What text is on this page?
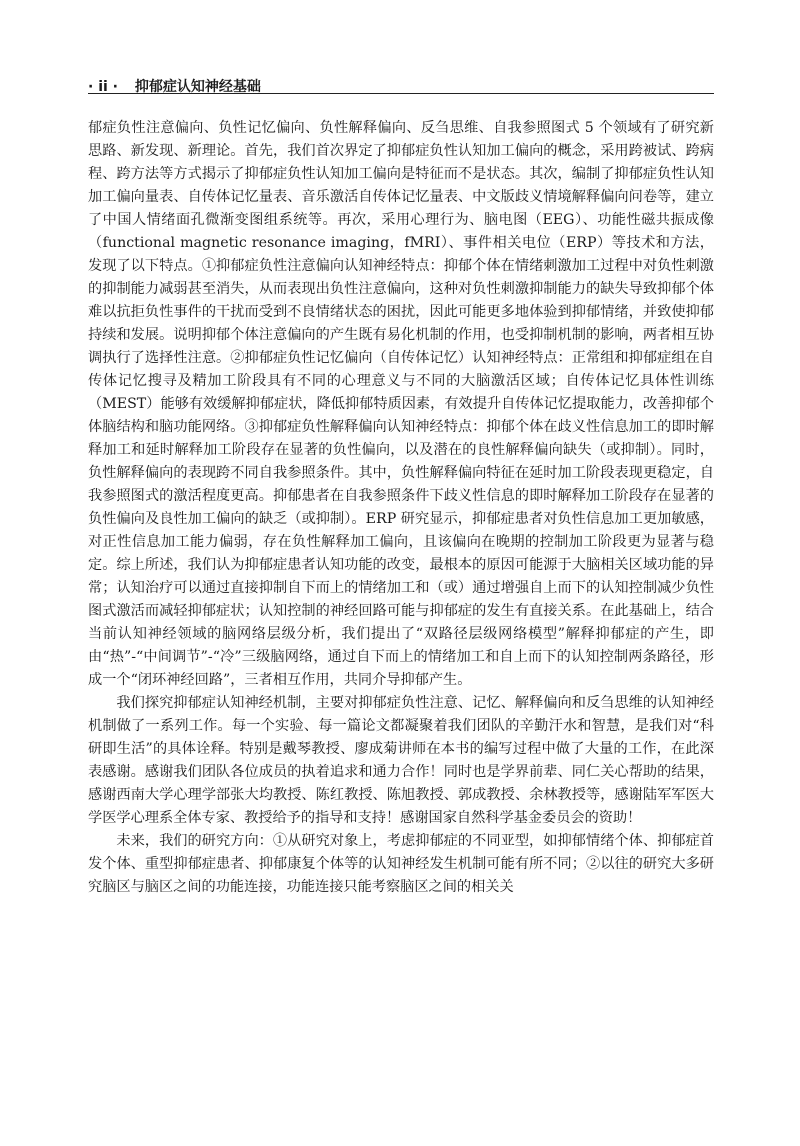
· ii · 抑郁症认知神经基础

郁症负性注意偏向、负性记忆偏向、负性解释偏向、反刍思维、自我参照图式 5 个领域有了研究新思路、新发现、新理论。首先，我们首次界定了抑郁症负性认知加工偏向的概念，采用跨被试、跨病程、跨方法等方式揭示了抑郁症负性认知加工偏向是特征而不是状态。其次，编制了抑郁症负性认知加工偏向量表、自传体记忆量表、音乐激活自传体记忆量表、中文版歧义情境解释偏向问卷等，建立了中国人情绪面孔微渐变图组系统等。再次，采用心理行为、脑电图（EEG）、功能性磁共振成像（functional magnetic resonance imaging，fMRI）、事件相关电位（ERP）等技术和方法，发现了以下特点。①抑郁症负性注意偏向认知神经特点：抑郁个体在情绪刺激加工过程中对负性刺激的抑制能力减弱甚至消失，从而表现出负性注意偏向，这种对负性刺激抑制能力的缺失导致抑郁个体难以抗拒负性事件的干扰而受到不良情绪状态的困扰，因此可能更多地体验到抑郁情绪，并致使抑郁持续和发展。说明抑郁个体注意偏向的产生既有易化机制的作用，也受抑制机制的影响，两者相互协调执行了选择性注意。②抑郁症负性记忆偏向（自传体记忆）认知神经特点：正常组和抑郁症组在自传体记忆搜寻及精加工阶段具有不同的心理意义与不同的大脑激活区域；自传体记忆具体性训练（MEST）能够有效缓解抑郁症状，降低抑郁特质因素，有效提升自传体记忆提取能力，改善抑郁个体脑结构和脑功能网络。③抑郁症负性解释偏向认知神经特点：抑郁个体在歧义性信息加工的即时解释加工和延时解释加工阶段存在显著的负性偏向，以及潜在的良性解释偏向缺失（或抑制）。同时，负性解释偏向的表现跨不同自我参照条件。其中，负性解释偏向特征在延时加工阶段表现更稳定，自我参照图式的激活程度更高。抑郁患者在自我参照条件下歧义性信息的即时解释加工阶段存在显著的负性偏向及良性加工偏向的缺乏（或抑制）。ERP 研究显示，抑郁症患者对负性信息加工更加敏感，对正性信息加工能力偏弱，存在负性解释加工偏向，且该偏向在晚期的控制加工阶段更为显著与稳定。综上所述，我们认为抑郁症患者认知功能的改变，最根本的原因可能源于大脑相关区域功能的异常；认知治疗可以通过直接抑制自下而上的情绪加工和（或）通过增强自上而下的认知控制减少负性图式激活而减轻抑郁症状；认知控制的神经回路可能与抑郁症的发生有直接关系。在此基础上，结合当前认知神经领域的脑网络层级分析，我们提出了“双路径层级网络模型”解释抑郁症的产生，即由“热”-“中间调节”-“冷”三级脑网络，通过自下而上的情绪加工和自上而下的认知控制两条路径，形成一个“闭环神经回路”，三者相互作用，共同介导抑郁产生。

我们探究抑郁症认知神经机制，主要对抑郁症负性注意、记忆、解释偏向和反刍思维的认知神经机制做了一系列工作。每一个实验、每一篇论文都凝聚着我们团队的辛勤汗水和智慧，是我们对“科研即生活”的具体诠释。特别是戴琴教授、廖成菊讲师在本书的编写过程中做了大量的工作，在此深表感谢。感谢我们团队各位成员的执着追求和通力合作！同时也是学界前辈、同仁关心帮助的结果，感谢西南大学心理学部张大均教授、陈红教授、陈旭教授、郭成教授、余林教授等，感谢陆军军医大学医学心理系全体专家、教授给予的指导和支持！感谢国家自然科学基金委员会的资助！

未来，我们的研究方向：①从研究对象上，考虑抑郁症的不同亚型，如抑郁情绪个体、抑郁症首发个体、重型抑郁症患者、抑郁康复个体等的认知神经发生机制可能有所不同；②以往的研究大多研究脑区与脑区之间的功能连接，功能连接只能考察脑区之间的相关关
